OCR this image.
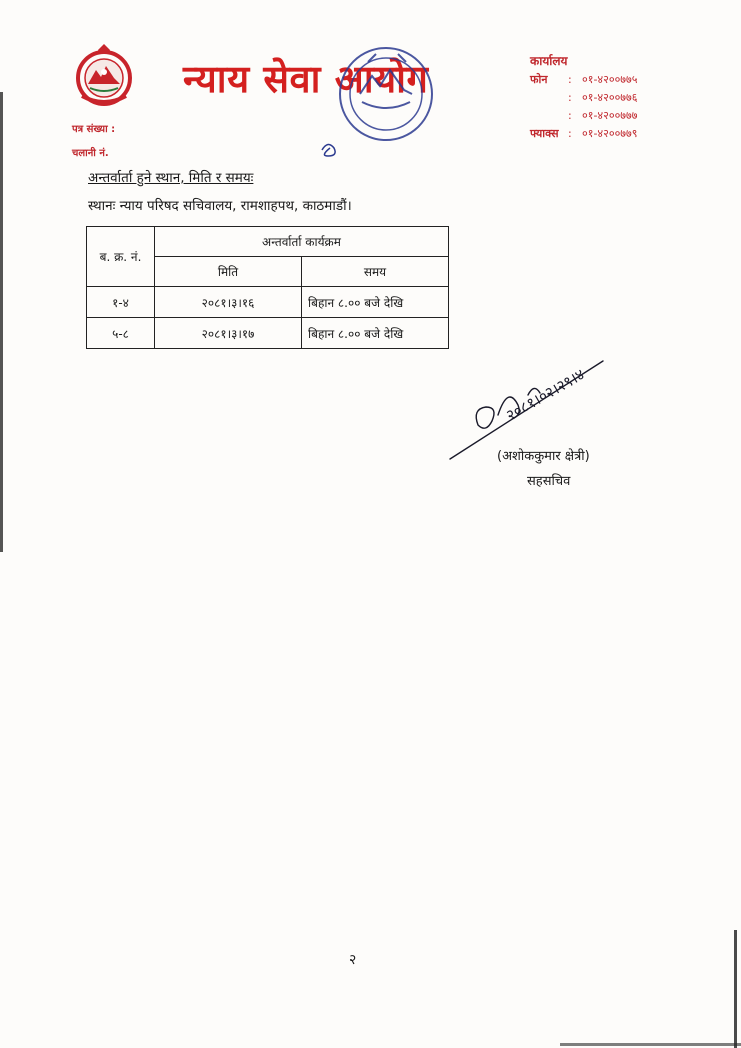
न्याय सेवा आयोग	कार्यालय
फोन : ०१-४२००७७५
: ०१-४२००७७६
: ०१-४२००७७७
फ्याक्स : ०१-४२००७७९
पत्र संख्या :
चलानी नं.
अन्तर्वार्ता हुने स्थान, मिति र समयः
स्थानः न्याय परिषद सचिवालय, रामशाहपथ, काठमाडौं।
ब. क्र. नं.	अन्तर्वार्ता कार्यक्रम	
	मिति	समय
१-४	२०८१।३।१६	बिहान ८.०० बजे देखि
५-८	२०८१।३।१७	बिहान ८.०० बजे देखि
२०८१।०२।२९।४
(अशोककुमार क्षेत्री)
सहसचिव
२
